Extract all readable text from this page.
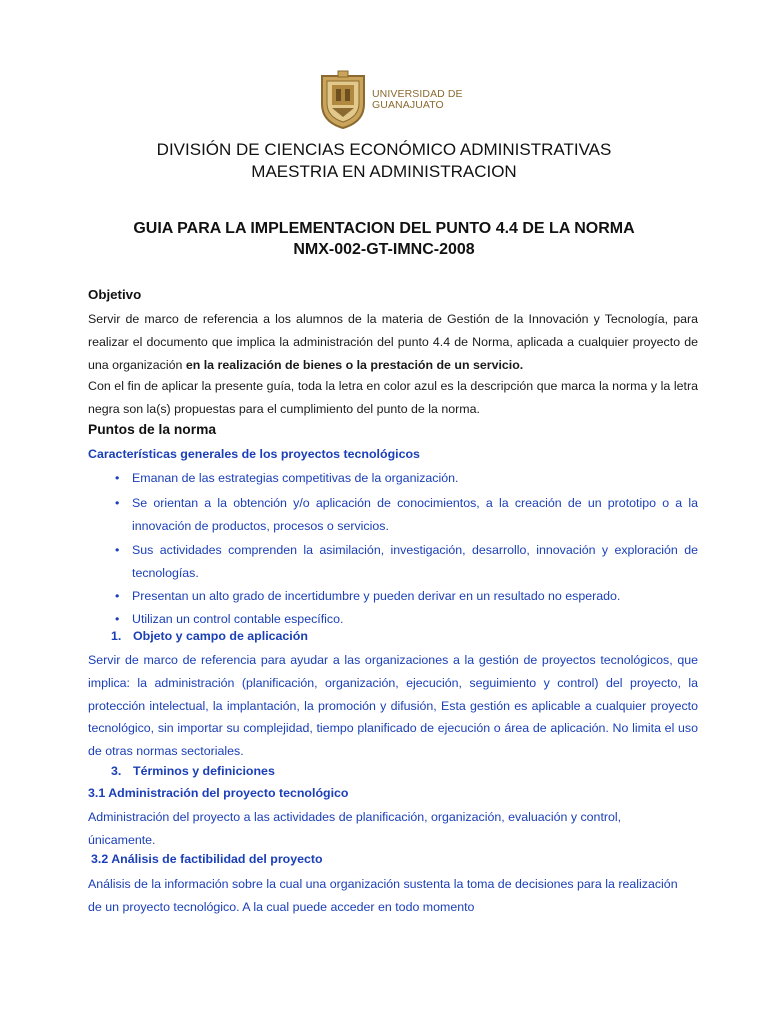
UNIVERSIDAD DE
GUANAJUATO
DIVISIÓN DE CIENCIAS ECONÓMICO ADMINISTRATIVAS
MAESTRIA EN ADMINISTRACION
GUIA PARA LA IMPLEMENTACION DEL PUNTO 4.4 DE LA NORMA
NMX-002-GT-IMNC-2008
Objetivo
Servir de marco de referencia a los alumnos de la materia de Gestión de la Innovación y Tecnología, para realizar el documento que implica la administración del punto 4.4 de Norma, aplicada a cualquier proyecto de una organización en la realización de bienes o la prestación de un servicio.
Con el fin de aplicar la presente guía, toda la letra en color azul es la descripción que marca la norma y la letra negra son la(s) propuestas para el cumplimiento del punto de la norma.
Puntos de la norma
Características generales de los proyectos tecnológicos
• Emanan de las estrategias competitivas de la organización.
• Se orientan a la obtención y/o aplicación de conocimientos, a la creación de un prototipo o a la innovación de productos, procesos o servicios.
• Sus actividades comprenden la asimilación, investigación, desarrollo, innovación y exploración de tecnologías.
• Presentan un alto grado de incertidumbre y pueden derivar en un resultado no esperado.
• Utilizan un control contable específico.
1. Objeto y campo de aplicación
Servir de marco de referencia para ayudar a las organizaciones a la gestión de proyectos tecnológicos, que implica: la administración (planificación, organización, ejecución, seguimiento y control) del proyecto, la protección intelectual, la implantación, la promoción y difusión, Esta gestión es aplicable a cualquier proyecto tecnológico, sin importar su complejidad, tiempo planificado de ejecución o área de aplicación. No limita el uso de otras normas sectoriales.
3. Términos y definiciones
3.1 Administración del proyecto tecnológico
Administración del proyecto a las actividades de planificación, organización, evaluación y control, únicamente.
3.2 Análisis de factibilidad del proyecto
Análisis de la información sobre la cual una organización sustenta la toma de decisiones para la realización de un proyecto tecnológico. A la cual puede acceder en todo momento
